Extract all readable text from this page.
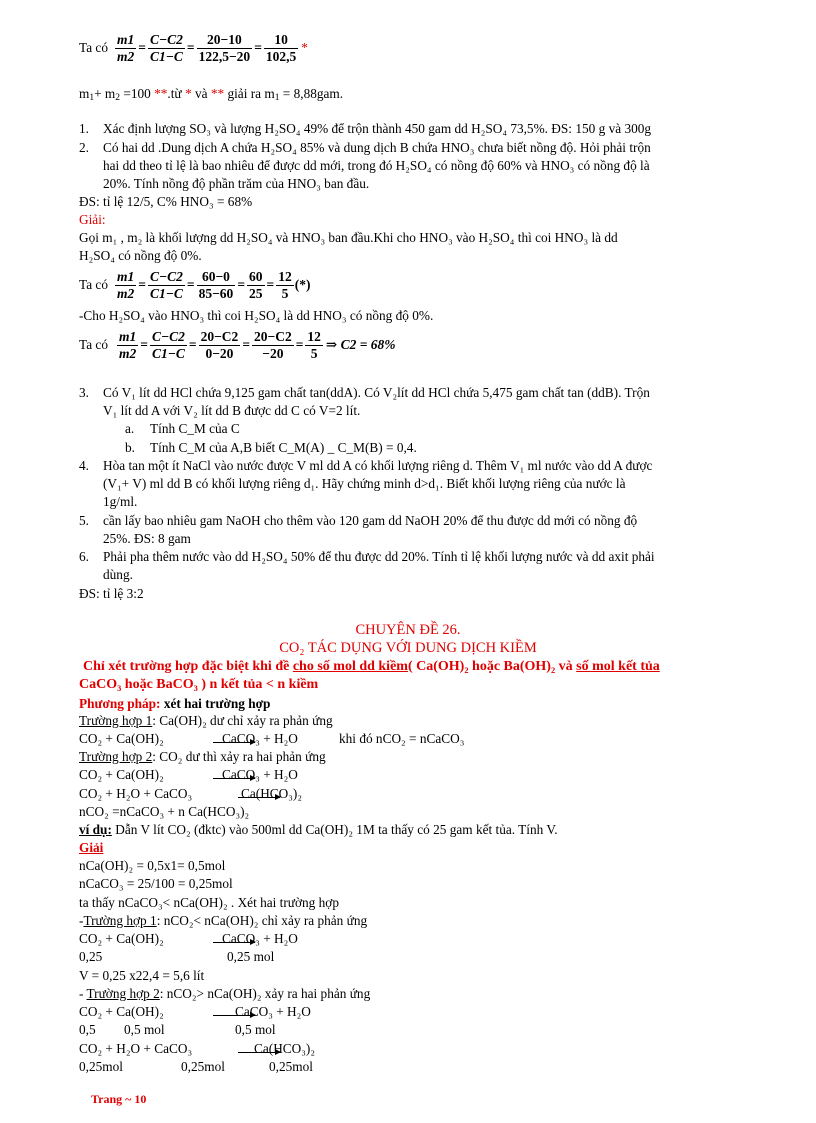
Ta có $\frac{m1}{m2} = \frac{C-C2}{C1-C} = \frac{20-10}{122,5-20} = \frac{10}{102,5}$ *
$m_1+ m_2 =100$ **.từ * và ** giải ra $m_1 = 8,88gam$.
1. Xác định lượng SO₃ và lượng H₂SO₄ 49% để trộn thành 450 gam dd H₂SO₄ 73,5%. ĐS: 150 g và 300g
2. Có hai dd .Dung dịch A chứa H₂SO₄ 85% và dung dịch B chứa HNO₃ chưa biết nồng độ. Hỏi phải trộn
hai dd theo tỉ lệ là bao nhiêu để được dd mới, trong đó H₂SO₄ có nồng độ 60% và HNO₃ có nồng độ là
20%. Tính nồng độ phần trăm của HNO₃ ban đầu.
ĐS: tỉ lệ 12/5, C% HNO₃ = 68%
Giải:
Gọi m₁ , m₂ là khối lượng dd H₂SO₄ và HNO₃ ban đầu.Khi cho HNO₃ vào H₂SO₄ thì coi HNO₃ là dd
H₂SO₄ có nồng độ 0%.
Ta có $\frac{m1}{m2} = \frac{C-C2}{C1-C} = \frac{60-0}{85-60} = \frac{60}{25} = \frac{12}{5}$ (*)
-Cho H₂SO₄ vào HNO₃ thì coi H₂SO₄ là dd HNO₃ có nồng độ 0%.
Ta có $\frac{m1}{m2} = \frac{C-C2}{C1-C} = \frac{20-C2}{0-20} = \frac{20-C2}{-20} = \frac{12}{5}$ ⇒ C2 = 68%
3. Có V₁ lít dd HCl chứa 9,125 gam chất tan(ddA). Có V₂lít dd HCl chứa 5,475 gam chất tan (ddB). Trộn
V₁ lít dd A với V₂ lít dd B được dd C có V=2 lít.
a. Tính C_M của C
b. Tính C_M của A,B biết C_M(A) _ C_M(B) = 0,4.
4. Hòa tan một ít NaCl vào nước được V ml dd A có khối lượng riêng d. Thêm V₁ ml nước vào dd A được
(V₁+ V) ml dd B có khối lượng riêng d₁. Hãy chứng minh d>d₁. Biết khối lượng riêng của nước là
1g/ml.
5. cần lấy bao nhiêu gam NaOH cho thêm vào 120 gam dd NaOH 20% để thu được dd mới có nồng độ
25%. ĐS: 8 gam
6. Phải pha thêm nước vào dd H₂SO₄ 50% để thu được dd 20%. Tính tỉ lệ khối lượng nước và dd axit phải
dùng.
ĐS: tỉ lệ 3:2
CHUYÊN ĐỀ 26.
CO₂ TÁC DỤNG VỚI DUNG DỊCH KIỀM
Chỉ xét trường hợp đặc biệt khi đề cho số mol dd kiềm( Ca(OH)₂ hoặc Ba(OH)₂ và số mol kết tủa
CaCO₃ hoặc BaCO₃ ) n kết tủa < n kiềm
Phương pháp: xét hai trường hợp
Trường hợp 1: Ca(OH)₂ dư chỉ xảy ra phản ứng
CO₂ + Ca(OH)₂	CaCO₃ + H₂O	khi đó nCO₂ = nCaCO₃
Trường hợp 2: CO₂ dư thì xảy ra hai phản ứng
CO₂ + Ca(OH)₂	CaCO₃ + H₂O
CO₂ + H₂O + CaCO₃	Ca(HCO₃)₂
nCO₂ =nCaCO₃ + n Ca(HCO₃)₂
ví dụ: Dẫn V lít CO₂ (đktc) vào 500ml dd Ca(OH)₂ 1M ta thấy có 25 gam kết tủa. Tính V.
Giải
nCa(OH)₂ = 0,5x1= 0,5mol
nCaCO₃ = 25/100 = 0,25mol
ta thấy nCaCO₃< nCa(OH)₂ . Xét hai trường hợp
-Trường hợp 1: nCO₂< nCa(OH)₂ chỉ xảy ra phản ứng
CO₂ + Ca(OH)₂	CaCO₃ + H₂O
0,25	0,25 mol
V = 0,25 x22,4 = 5,6 lít
- Trường hợp 2: nCO₂> nCa(OH)₂ xảy ra hai phản ứng
CO₂ + Ca(OH)₂	CaCO₃ + H₂O
0,5 0,5 mol	0,5 mol
CO₂ + H₂O + CaCO₃	Ca(HCO₃)₂
0,25mol	0,25mol	0,25mol
Trang ~ 10
